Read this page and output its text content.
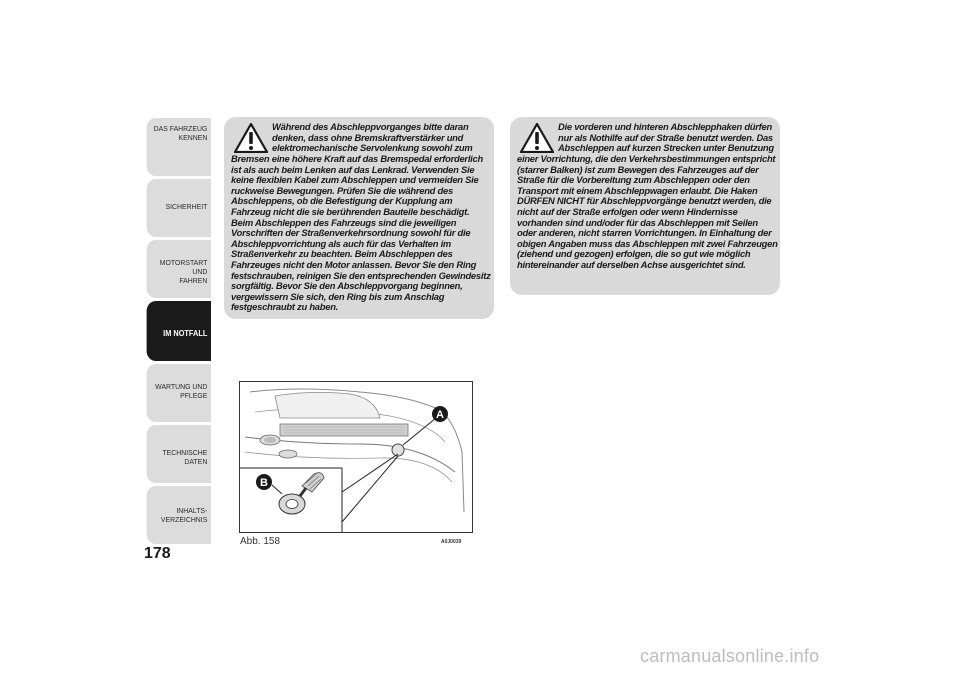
DAS FAHRZEUG
KENNEN
SICHERHEIT
MOTORSTART UND
FAHREN
IM NOTFALL
WARTUNG UND
PFLEGE
TECHNISCHE DATEN
INHALTS-
VERZEICHNIS
178
Während des Abschleppvorganges bitte daran denken, dass ohne Bremskraftverstärker und elektromechanische Servolenkung sowohl zum
Bremsen eine höhere Kraft auf das Bremspedal erforderlich ist als auch beim Lenken auf das Lenkrad. Verwenden Sie keine flexiblen Kabel zum Abschleppen und vermeiden Sie ruckweise Bewegungen. Prüfen Sie die während des Abschleppens, ob die Befestigung der Kupplung am Fahrzeug nicht die sie berührenden Bauteile beschädigt. Beim Abschleppen des Fahrzeugs sind die jeweiligen Vorschriften der Straßenverkehrsordnung sowohl für die Abschleppvorrichtung als auch für das Verhalten im Straßenverkehr zu beachten. Beim Abschleppen des Fahrzeuges nicht den Motor anlassen. Bevor Sie den Ring festschrauben, reinigen Sie den entsprechenden Gewindesitz sorgfältig. Bevor Sie den Abschleppvorgang beginnen, vergewissern Sie sich, den Ring bis zum Anschlag festgeschraubt zu haben.
Die vorderen und hinteren Abschlepphaken dürfen nur als Nothilfe auf der Straße benutzt werden. Das Abschleppen auf kurzen Strecken unter Benutzung
einer Vorrichtung, die den Verkehrsbestimmungen entspricht (starrer Balken) ist zum Bewegen des Fahrzeuges auf der Straße für die Vorbereitung zum Abschleppen oder den Transport mit einem Abschleppwagen erlaubt. Die Haken DÜRFEN NICHT für Abschleppvorgänge benutzt werden, die nicht auf der Straße erfolgen oder wenn Hindernisse vorhanden sind und/oder für das Abschleppen mit Seilen oder anderen, nicht starren Vorrichtungen. In Einhaltung der obigen Angaben muss das Abschleppen mit zwei Fahrzeugen (ziehend und gezogen) erfolgen, die so gut wie möglich hintereinander auf derselben Achse ausgerichtet sind.
A
B
Abb. 158	A0J0039
carmanualsonline.info
